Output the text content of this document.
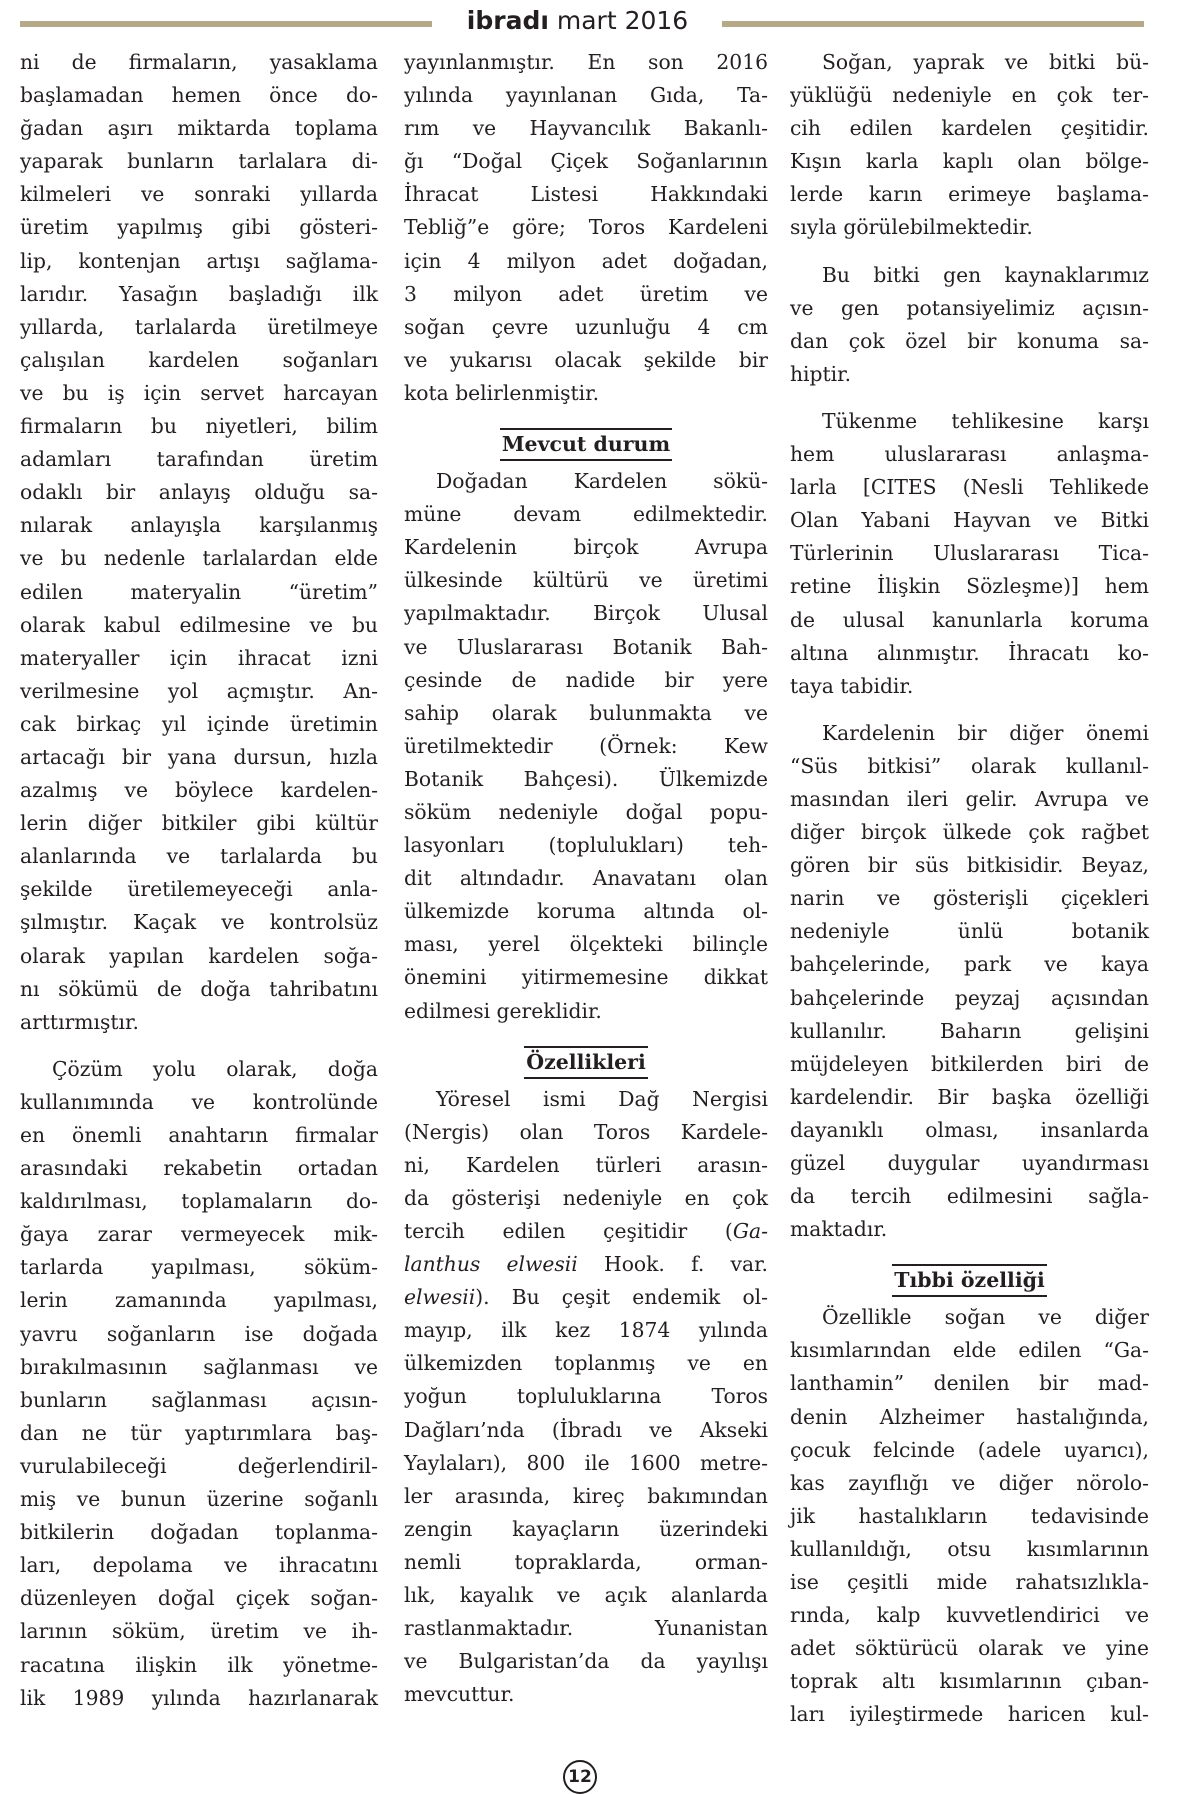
ibradı mart 2016
ni de firmaların, yasaklama
başlamadan hemen önce do-
ğadan aşırı miktarda toplama
yaparak bunların tarlalara di-
kilmeleri ve sonraki yıllarda
üretim yapılmış gibi gösteri-
lip, kontenjan artışı sağlama-
larıdır. Yasağın başladığı ilk
yıllarda, tarlalarda üretilmeye
çalışılan kardelen soğanları
ve bu iş için servet harcayan
firmaların bu niyetleri, bilim
adamları tarafından üretim
odaklı bir anlayış olduğu sa-
nılarak anlayışla karşılanmış
ve bu nedenle tarlalardan elde
edilen materyalin “üretim”
olarak kabul edilmesine ve bu
materyaller için ihracat izni
verilmesine yol açmıştır. An-
cak birkaç yıl içinde üretimin
artacağı bir yana dursun, hızla
azalmış ve böylece kardelen-
lerin diğer bitkiler gibi kültür
alanlarında ve tarlalarda bu
şekilde üretilemeyeceği anla-
şılmıştır. Kaçak ve kontrolsüz
olarak yapılan kardelen soğa-
nı sökümü de doğa tahribatını
arttırmıştır.
Çözüm yolu olarak, doğa
kullanımında ve kontrolünde
en önemli anahtarın firmalar
arasındaki rekabetin ortadan
kaldırılması, toplamaların do-
ğaya zarar vermeyecek mik-
tarlarda yapılması, söküm-
lerin zamanında yapılması,
yavru soğanların ise doğada
bırakılmasının sağlanması ve
bunların sağlanması açısın-
dan ne tür yaptırımlara baş-
vurulabileceği değerlendiril-
miş ve bunun üzerine soğanlı
bitkilerin doğadan toplanma-
ları, depolama ve ihracatını
düzenleyen doğal çiçek soğan-
larının söküm, üretim ve ih-
racatına ilişkin ilk yönetme-
lik 1989 yılında hazırlanarak
yayınlanmıştır. En son 2016
yılında yayınlanan Gıda, Ta-
rım ve Hayvancılık Bakanlı-
ğı “Doğal Çiçek Soğanlarının
İhracat Listesi Hakkındaki
Tebliğ”e göre; Toros Kardeleni
için 4 milyon adet doğadan,
3 milyon adet üretim ve
soğan çevre uzunluğu 4 cm
ve yukarısı olacak şekilde bir
kota belirlenmiştir.
Mevcut durum
Doğadan Kardelen sökü-
müne devam edilmektedir.
Kardelenin birçok Avrupa
ülkesinde kültürü ve üretimi
yapılmaktadır. Birçok Ulusal
ve Uluslararası Botanik Bah-
çesinde de nadide bir yere
sahip olarak bulunmakta ve
üretilmektedir (Örnek: Kew
Botanik Bahçesi). Ülkemizde
söküm nedeniyle doğal popu-
lasyonları (toplulukları) teh-
dit altındadır. Anavatanı olan
ülkemizde koruma altında ol-
ması, yerel ölçekteki bilinçle
önemini yitirmemesine dikkat
edilmesi gereklidir.
Özellikleri
Yöresel ismi Dağ Nergisi
(Nergis) olan Toros Kardele-
ni, Kardelen türleri arasın-
da gösterişi nedeniyle en çok
tercih edilen çeşitidir (Ga-
lanthus elwesii Hook. f. var.
elwesii). Bu çeşit endemik ol-
mayıp, ilk kez 1874 yılında
ülkemizden toplanmış ve en
yoğun topluluklarına Toros
Dağları’nda (İbradı ve Akseki
Yaylaları), 800 ile 1600 metre-
ler arasında, kireç bakımından
zengin kayaçların üzerindeki
nemli topraklarda, orman-
lık, kayalık ve açık alanlarda
rastlanmaktadır. Yunanistan
ve Bulgaristan’da da yayılışı
mevcuttur.
Soğan, yaprak ve bitki bü-
yüklüğü nedeniyle en çok ter-
cih edilen kardelen çeşitidir.
Kışın karla kaplı olan bölge-
lerde karın erimeye başlama-
sıyla görülebilmektedir.
Bu bitki gen kaynaklarımız
ve gen potansiyelimiz açısın-
dan çok özel bir konuma sa-
hiptir.
Tükenme tehlikesine karşı
hem uluslararası anlaşma-
larla [CITES (Nesli Tehlikede
Olan Yabani Hayvan ve Bitki
Türlerinin Uluslararası Tica-
retine İlişkin Sözleşme)] hem
de ulusal kanunlarla koruma
altına alınmıştır. İhracatı ko-
taya tabidir.
Kardelenin bir diğer önemi
“Süs bitkisi” olarak kullanıl-
masından ileri gelir. Avrupa ve
diğer birçok ülkede çok rağbet
gören bir süs bitkisidir. Beyaz,
narin ve gösterişli çiçekleri
nedeniyle ünlü botanik
bahçelerinde, park ve kaya
bahçelerinde peyzaj açısından
kullanılır. Baharın gelişini
müjdeleyen bitkilerden biri de
kardelendir. Bir başka özelliği
dayanıklı olması, insanlarda
güzel duygular uyandırması
da tercih edilmesini sağla-
maktadır.
Tıbbi özelliği
Özellikle soğan ve diğer
kısımlarından elde edilen “Ga-
lanthamin” denilen bir mad-
denin Alzheimer hastalığında,
çocuk felcinde (adele uyarıcı),
kas zayıflığı ve diğer nörolo-
jik hastalıkların tedavisinde
kullanıldığı, otsu kısımlarının
ise çeşitli mide rahatsızlıkla-
rında, kalp kuvvetlendirici ve
adet söktürücü olarak ve yine
toprak altı kısımlarının çıban-
ları iyileştirmede haricen kul-
12
